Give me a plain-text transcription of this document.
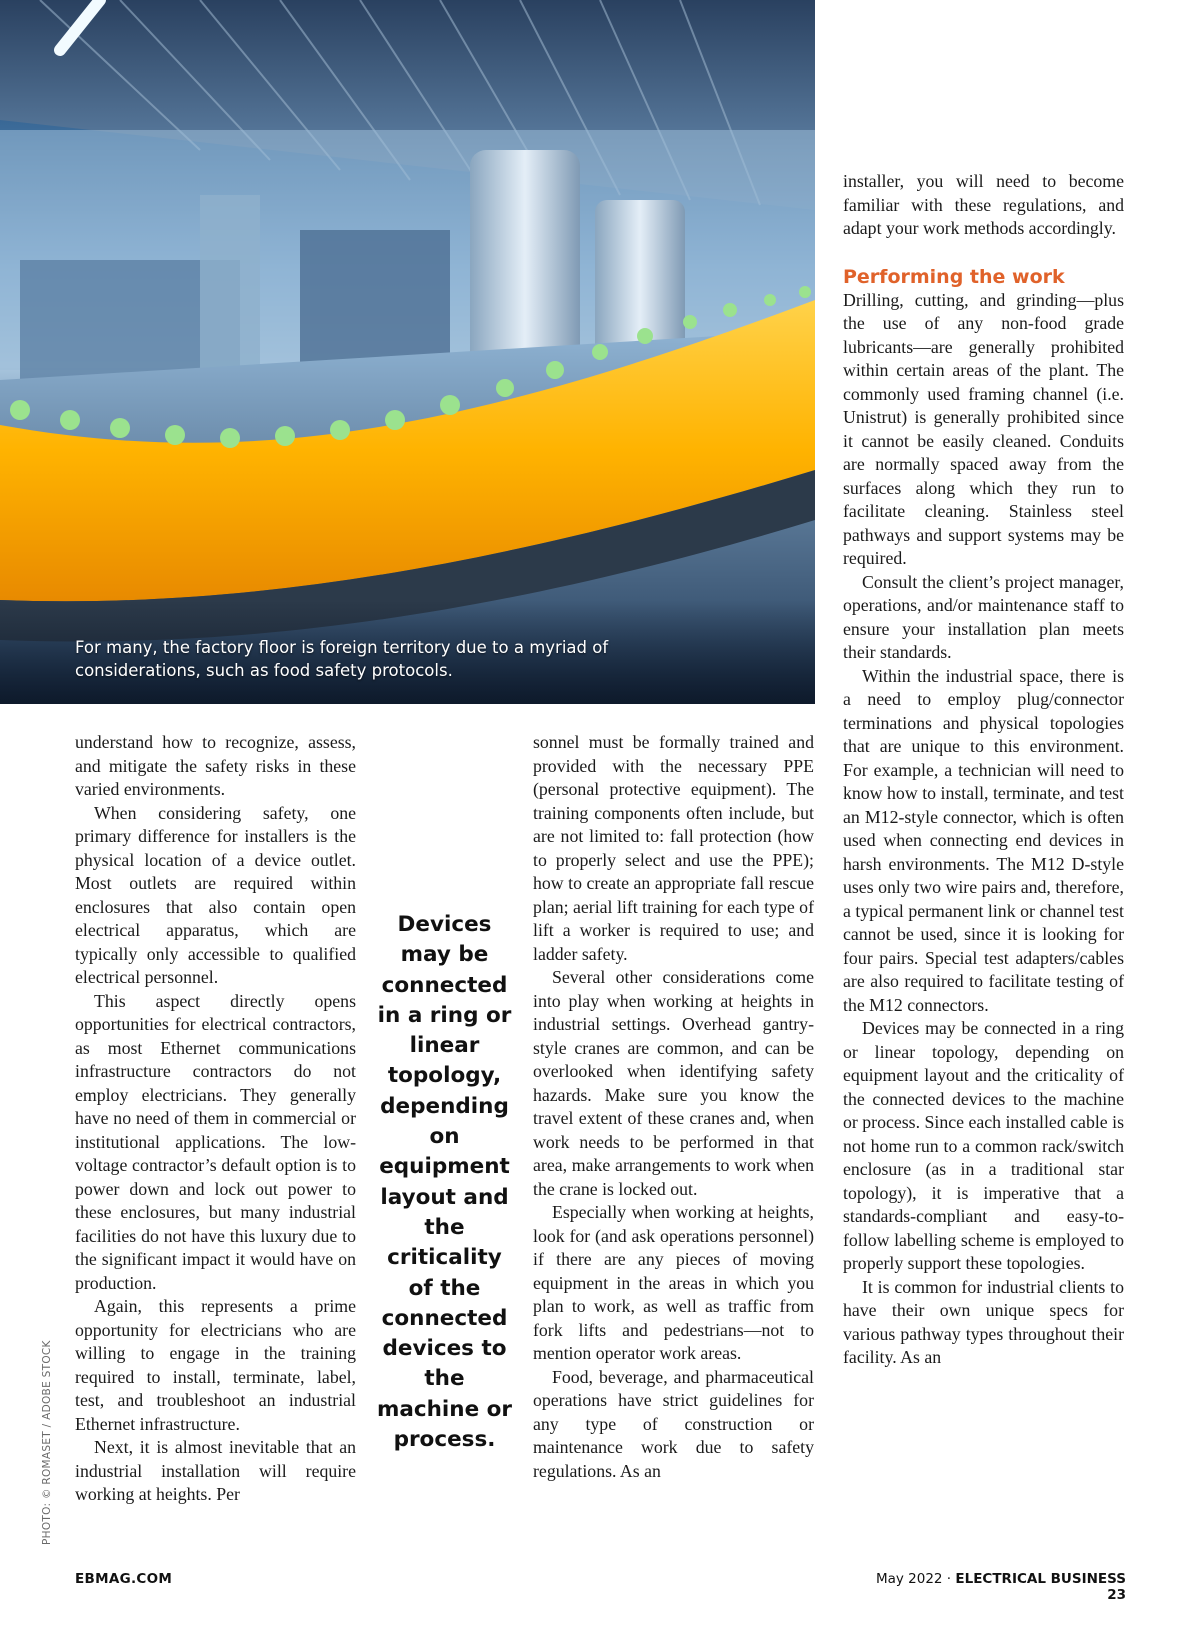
For many, the factory floor is foreign territory due to a myriad of considerations, such as food safety protocols.
PHOTO: © ROMASET / ADOBE STOCK

understand how to recognize, assess, and mitigate the safety risks in these varied environments.

When considering safety, one primary difference for installers is the physical location of a device outlet. Most outlets are required within enclosures that also contain open electrical apparatus, which are typically only accessible to qualified electrical personnel.

This aspect directly opens opportunities for electrical contractors, as most Ethernet communications infrastructure contractors do not employ electricians. They generally have no need of them in commercial or institutional applications. The low-voltage contractor’s default option is to power down and lock out power to these enclosures, but many industrial facilities do not have this luxury due to the significant impact it would have on production.

Again, this represents a prime opportunity for electricians who are willing to engage in the training required to install, terminate, label, test, and troubleshoot an industrial Ethernet infrastructure.

Next, it is almost inevitable that an industrial installation will require working at heights. Per

Devices may be connected in a ring or linear topology, depending on equipment layout and the criticality of the connected devices to the machine or process.

sonnel must be formally trained and provided with the necessary PPE (personal protective equipment). The training components often include, but are not limited to: fall protection (how to properly select and use the PPE); how to create an appropriate fall rescue plan; aerial lift training for each type of lift a worker is required to use; and ladder safety.

Several other considerations come into play when working at heights in industrial settings. Overhead gantry-style cranes are common, and can be overlooked when identifying safety hazards. Make sure you know the travel extent of these cranes and, when work needs to be performed in that area, make arrangements to work when the crane is locked out.

Especially when working at heights, look for (and ask operations personnel) if there are any pieces of moving equipment in the areas in which you plan to work, as well as traffic from fork lifts and pedestrians—not to mention operator work areas.

Food, beverage, and pharmaceutical operations have strict guidelines for any type of construction or maintenance work due to safety regulations. As an

installer, you will need to become familiar with these regulations, and adapt your work methods accordingly.

Performing the work

Drilling, cutting, and grinding—plus the use of any non-food grade lubricants—are generally prohibited within certain areas of the plant. The commonly used framing channel (i.e. Unistrut) is generally prohibited since it cannot be easily cleaned. Conduits are normally spaced away from the surfaces along which they run to facilitate cleaning. Stainless steel pathways and support systems may be required.

Consult the client’s project manager, operations, and/or maintenance staff to ensure your installation plan meets their standards.

Within the industrial space, there is a need to employ plug/connector terminations and physical topologies that are unique to this environment. For example, a technician will need to know how to install, terminate, and test an M12-style connector, which is often used when connecting end devices in harsh environments. The M12 D-style uses only two wire pairs and, therefore, a typical permanent link or channel test cannot be used, since it is looking for four pairs. Special test adapters/cables are also required to facilitate testing of the M12 connectors.

Devices may be connected in a ring or linear topology, depending on equipment layout and the criticality of the connected devices to the machine or process. Since each installed cable is not home run to a common rack/switch enclosure (as in a traditional star topology), it is imperative that a standards-compliant and easy-to-follow labelling scheme is employed to properly support these topologies.

It is common for industrial clients to have their own unique specs for various pathway types throughout their facility. As an

EBMAG.COM	May 2022 · ELECTRICAL BUSINESS 23
